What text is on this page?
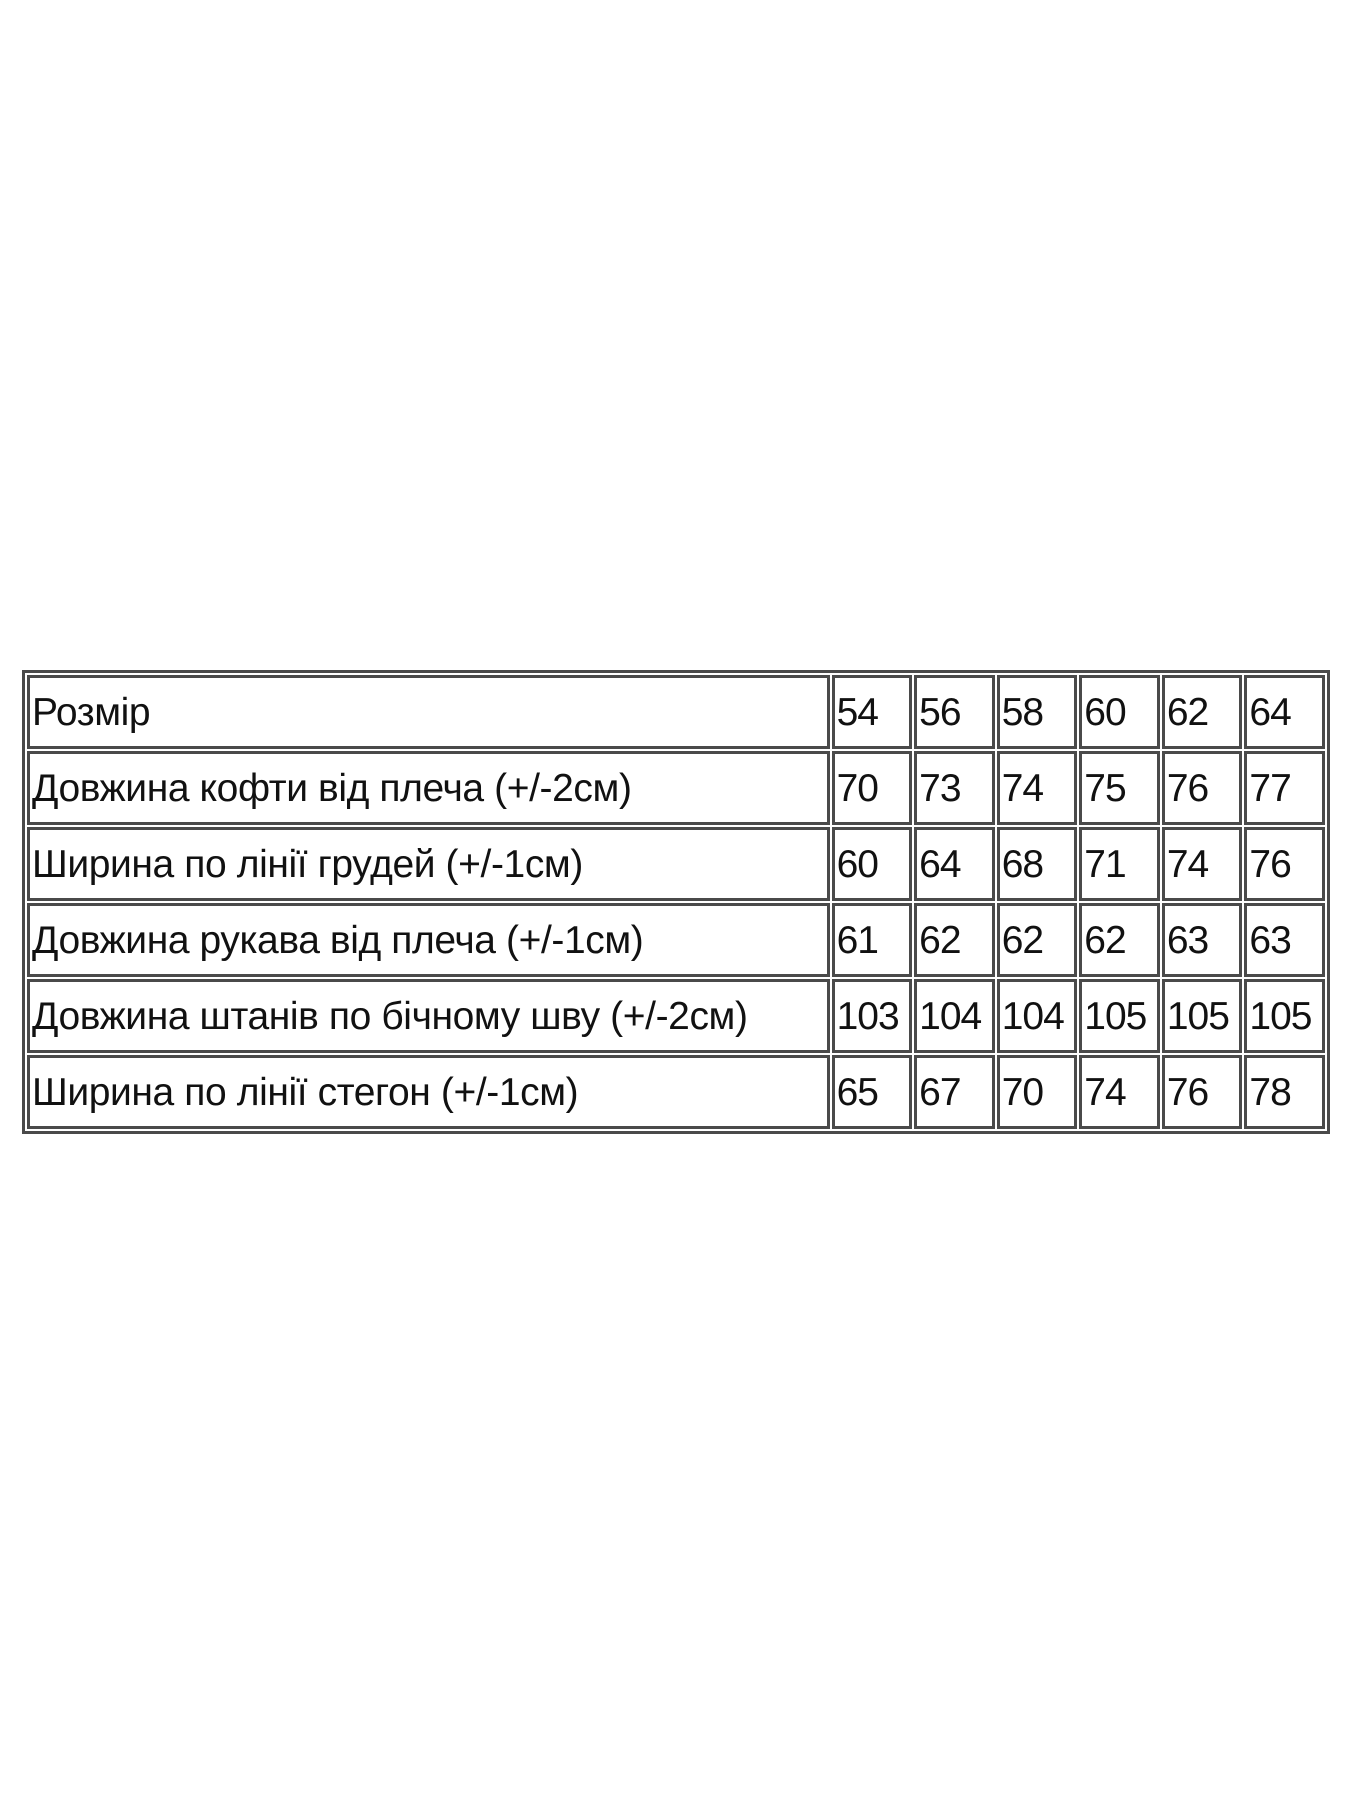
Розмір	54	56	58	60	62	64
Довжина кофти від плеча (+/-2см)	70	73	74	75	76	77
Ширина по лінії грудей (+/-1см)	60	64	68	71	74	76
Довжина рукава від плеча (+/-1см)	61	62	62	62	63	63
Довжина штанів по бічному шву (+/-2см)	103	104	104	105	105	105
Ширина по лінії стегон (+/-1см)	65	67	70	74	76	78
